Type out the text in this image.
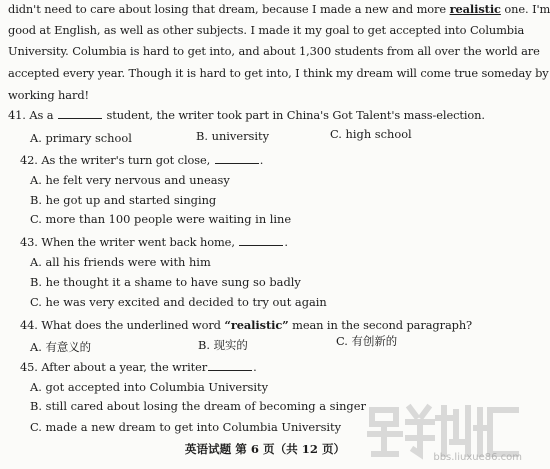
didn't need to care about losing that dream, because I made a new and more realistic one. I'm
good at English, as well as other subjects. I made it my goal to get accepted into Columbia
University. Columbia is hard to get into, and about 1,300 students from all over the world are
accepted every year. Though it is hard to get into, I think my dream will come true someday by
working hard!
41. As a	student, the writer took part in China's Got Talent's mass-election.
A. primary school	B. university	C. high school
42. As the writer's turn got close,	.
A. he felt very nervous and uneasy
B. he got up and started singing
C. more than 100 people were waiting in line
43. When the writer went back home,	.
A. all his friends were with him
B. he thought it a shame to have sung so badly
C. he was very excited and decided to try out again
44. What does the underlined word “realistic” mean in the second paragraph?
A. 有意义的	B. 现实的	C. 有创新的
45. After about a year, the writer	.
A. got accepted into Columbia University
B. still cared about losing the dream of becoming a singer
C. made a new dream to get into Columbia University
英语试题 第 6 页（共 12 页）
bbs.liuxue86.com
